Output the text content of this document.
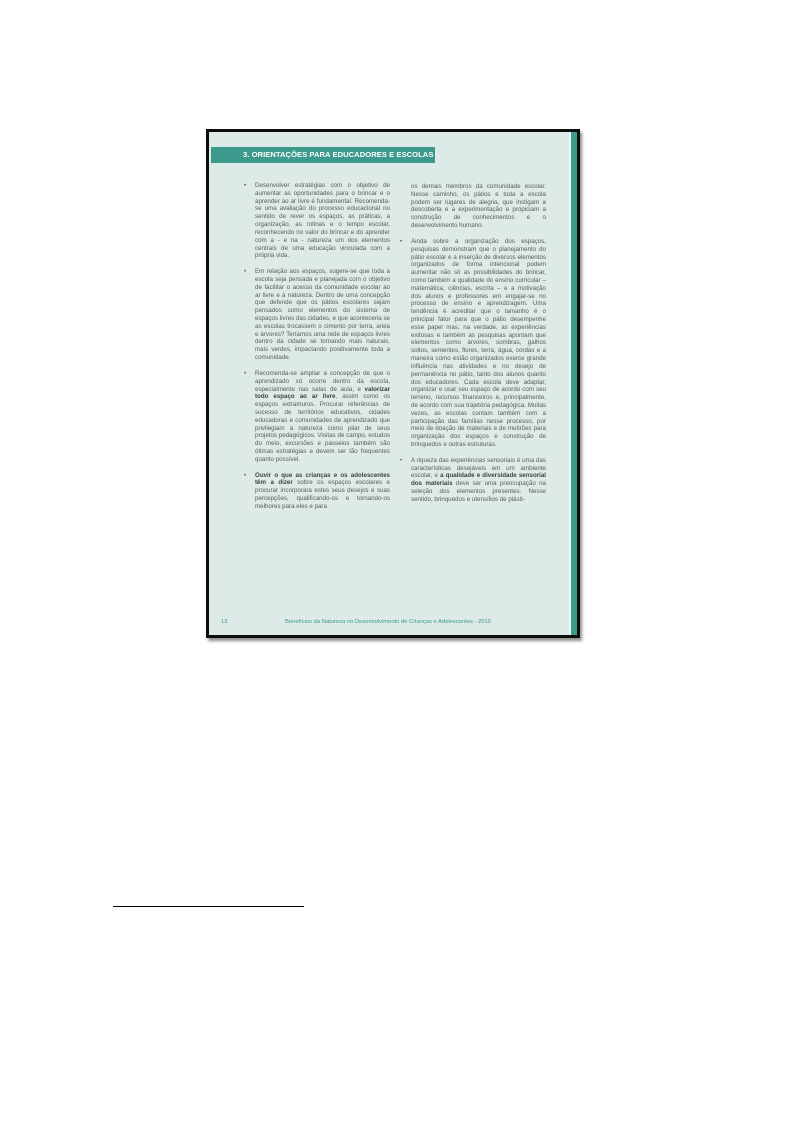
3. ORIENTAÇÕES PARA EDUCADORES E ESCOLAS
•	Desenvolver estratégias com o objetivo de aumentar as oportunidades para o brincar e o aprender ao ar livre é fundamental. Recomenda-se uma avaliação do processo educacional no sentido de rever os espaços, as práticas, a organização, as rotinas e o tempo escolar, reconhecendo no valor do brincar e do aprender com a - e na - natureza um dos elementos centrais de uma educação vinculada com a própria vida.
•	Em relação aos espaços, sugere-se que toda a escola seja pensada e planejada com o objetivo de facilitar o acesso da comunidade escolar ao ar livre e à natureza. Dentro de uma concepção que defende que os pátios escolares sejam pensados como elementos do sistema de espaços livres das cidades, e que aconteceria se as escolas trocassem o cimento por terra, areia e árvores? Teríamos uma rede de espaços livres dentro da cidade se tornando mais naturais, mais verdes, impactando positivamente toda a comunidade.
•	Recomenda-se ampliar a concepção de que o aprendizado só ocorre dentro da escola, especialmente nas salas de aula, e valorizar todo espaço ao ar livre, assim como os espaços extramuros. Procurar referências de sucesso de territórios educativos, cidades educadoras e comunidades de aprendizado que privilegiam a natureza como pilar de seus projetos pedagógicos. Visitas de campo, estudos do meio, excursões e passeios também são ótimas estratégias e devem ser tão frequentes quanto possível.
•	Ouvir o que as crianças e os adolescentes têm a dizer sobre os espaços escolares e procurar incorporara estes seus desejos e suas percepções, qualificando-os e tornando-os melhores para eles e para
os demais membros da comunidade escolar. Nesse caminho, os pátios e toda a escola podem ser lugares de alegria, que instigam a descoberta e a experimentação e propiciam a construção de conhecimentos e o desenvolvimento humano.
•	Ainda sobre a organização dos espaços, pesquisas demonstram que o planejamento do pátio escolar e a inserção de diversos elementos organizados de forma intencional podem aumentar não só as possibilidades do brincar, como também a qualidade do ensino curricular – matemática, ciências, escrita – e a motivação dos alunos e professores em engajar-se no processo de ensino e aprendizagem. Uma tendência é acreditar que o tamanho é o principal fator para que o pátio desempenhe esse papel mas, na verdade, as experiências exitosas e também as pesquisas apontam que elementos como árvores, sombras, galhos soltos, sementes, flores, terra, água, cordas e a maneira como estão organizados exerce grande influência nas atividades e no desejo de permanência no pátio, tanto dos alunos quanto dos educadores. Cada escola deve adaptar, organizar e usar seu espaço de acordo com seu terreno, recursos financeiros e, principalmente, de acordo com sua trajetória pedagógica. Muitas vezes, as escolas contam também com a participação das famílias nesse processo, por meio de doação de materiais e de mutirões para organização dos espaços e construção de brinquedos e outras estruturas.
•	A riqueza das experiências sensoriais é uma das características desejáveis em um ambiente escolar, e a qualidade e diversidade sensorial dos materiais deve ser uma preocupação na seleção dos elementos presentes. Nesse sentido, brinquedos e utensílios de plásti-
13	Benefícios da Natureza no Desenvolvimento de Crianças e Adolescentes - 2019
